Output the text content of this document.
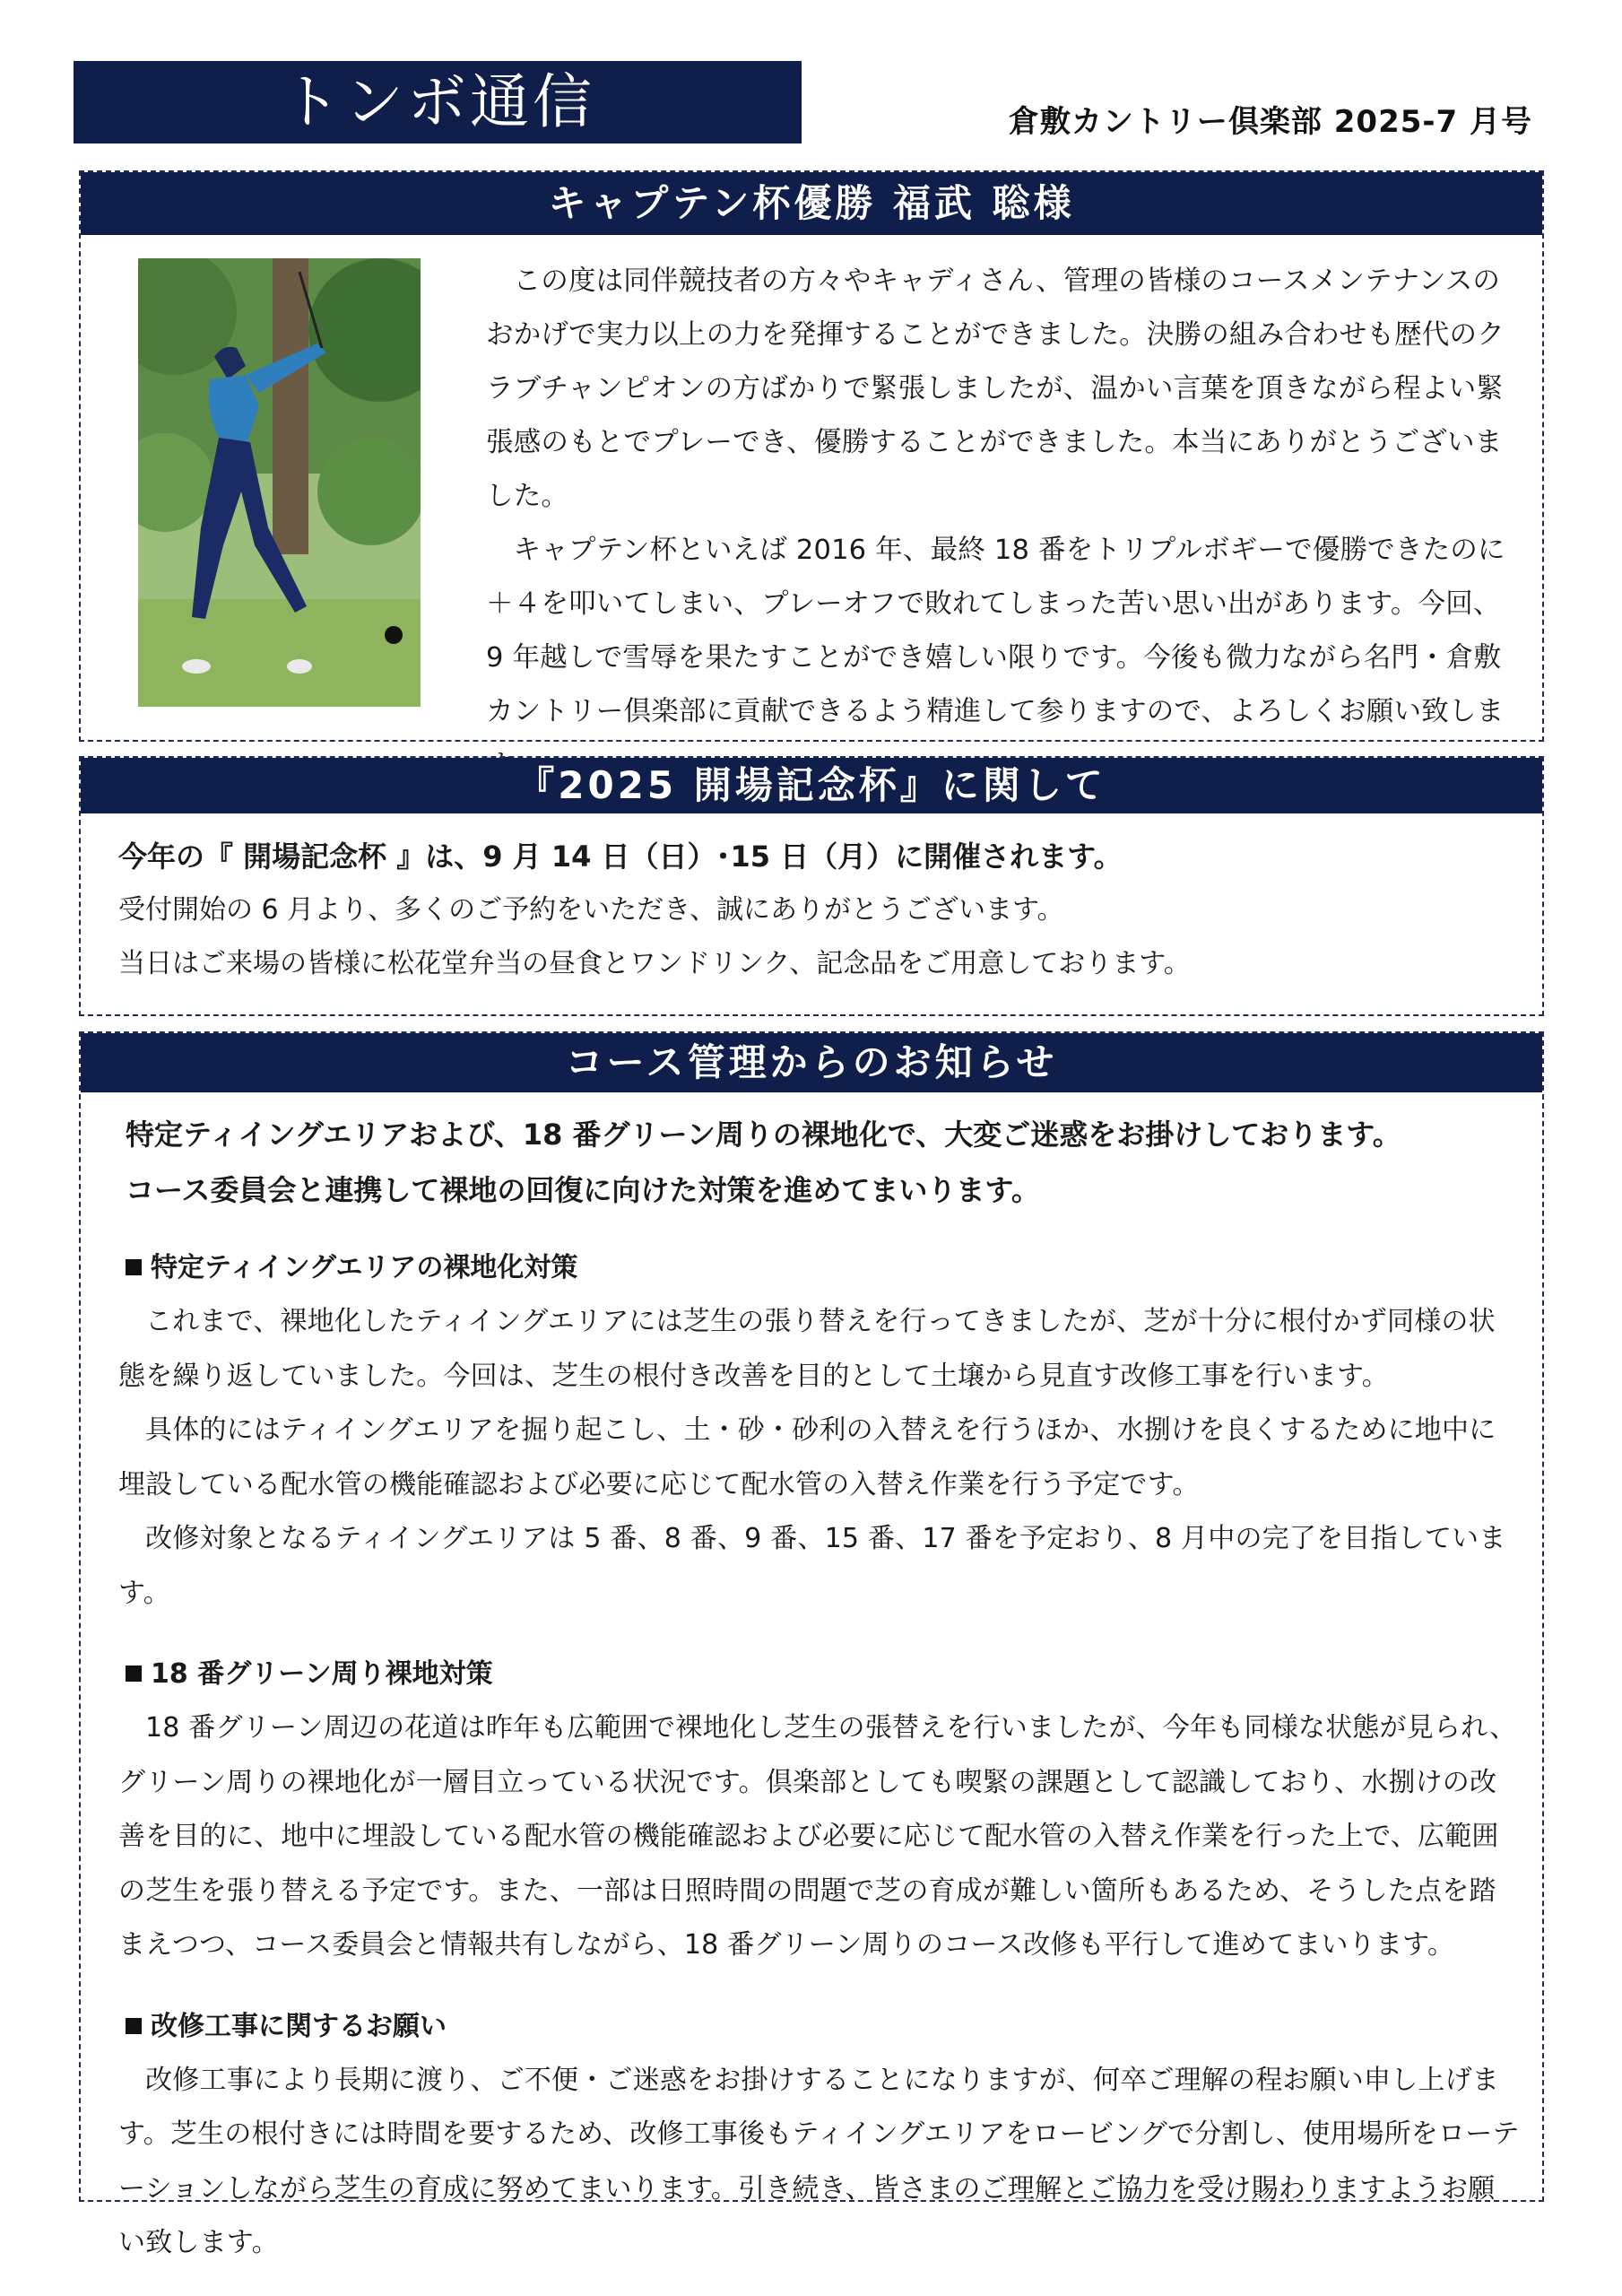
トンボ通信	倉敷カントリー倶楽部 2025-7 月号
キャプテン杯優勝 福武 聡様

この度は同伴競技者の方々やキャディさん、管理の皆様のコースメンテナンスのおかげで実力以上の力を発揮することができました。決勝の組み合わせも歴代のクラブチャンピオンの方ばかりで緊張しましたが、温かい言葉を頂きながら程よい緊張感のもとでプレーでき、優勝することができました。本当にありがとうございました。

キャプテン杯といえば 2016 年、最終 18 番をトリプルボギーで優勝できたのに＋４を叩いてしまい、プレーオフで敗れてしまった苦い思い出があります。今回、9 年越しで雪辱を果たすことができ嬉しい限りです。今後も微力ながら名門・倉敷カントリー倶楽部に貢献できるよう精進して参りますので、よろしくお願い致しま

『2025 開場記念杯』に関して
今年の『 開場記念杯 』は、9 月 14 日（日）･15 日（月）に開催されます。
受付開始の 6 月より、多くのご予約をいただき、誠にありがとうございます。
当日はご来場の皆様に松花堂弁当の昼食とワンドリンク、記念品をご用意しております。
コース管理からのお知らせ
特定ティイングエリアおよび、18 番グリーン周りの裸地化で、大変ご迷惑をお掛けしております。
コース委員会と連携して裸地の回復に向けた対策を進めてまいります。
特定ティイングエリアの裸地化対策

これまで、裸地化したティイングエリアには芝生の張り替えを行ってきましたが、芝が十分に根付かず同様の状態を繰り返していました。今回は、芝生の根付き改善を目的として土壌から見直す改修工事を行います。

具体的にはティイングエリアを掘り起こし、土・砂・砂利の入替えを行うほか、水捌けを良くするために地中に埋設している配水管の機能確認および必要に応じて配水管の入替え作業を行う予定です。

改修対象となるティイングエリアは 5 番、8 番、9 番、15 番、17 番を予定おり、8 月中の完了を目指しています。

18 番グリーン周り裸地対策

18 番グリーン周辺の花道は昨年も広範囲で裸地化し芝生の張替えを行いましたが、今年も同様な状態が見られ、グリーン周りの裸地化が一層目立っている状況です。倶楽部としても喫緊の課題として認識しており、水捌けの改善を目的に、地中に埋設している配水管の機能確認および必要に応じて配水管の入替え作業を行った上で、広範囲の芝生を張り替える予定です。また、一部は日照時間の問題で芝の育成が難しい箇所もあるため、そうした点を踏まえつつ、コース委員会と情報共有しながら、18 番グリーン周りのコース改修も平行して進めてまいります。

改修工事に関するお願い

改修工事により長期に渡り、ご不便・ご迷惑をお掛けすることになりますが、何卒ご理解の程お願い申し上げます。芝生の根付きには時間を要するため、改修工事後もティイングエリアをロービングで分割し、使用場所をローテーションしながら芝生の育成に努めてまいります。引き続き、皆さまのご理解とご協力を受け賜わりますようお願い致します。
